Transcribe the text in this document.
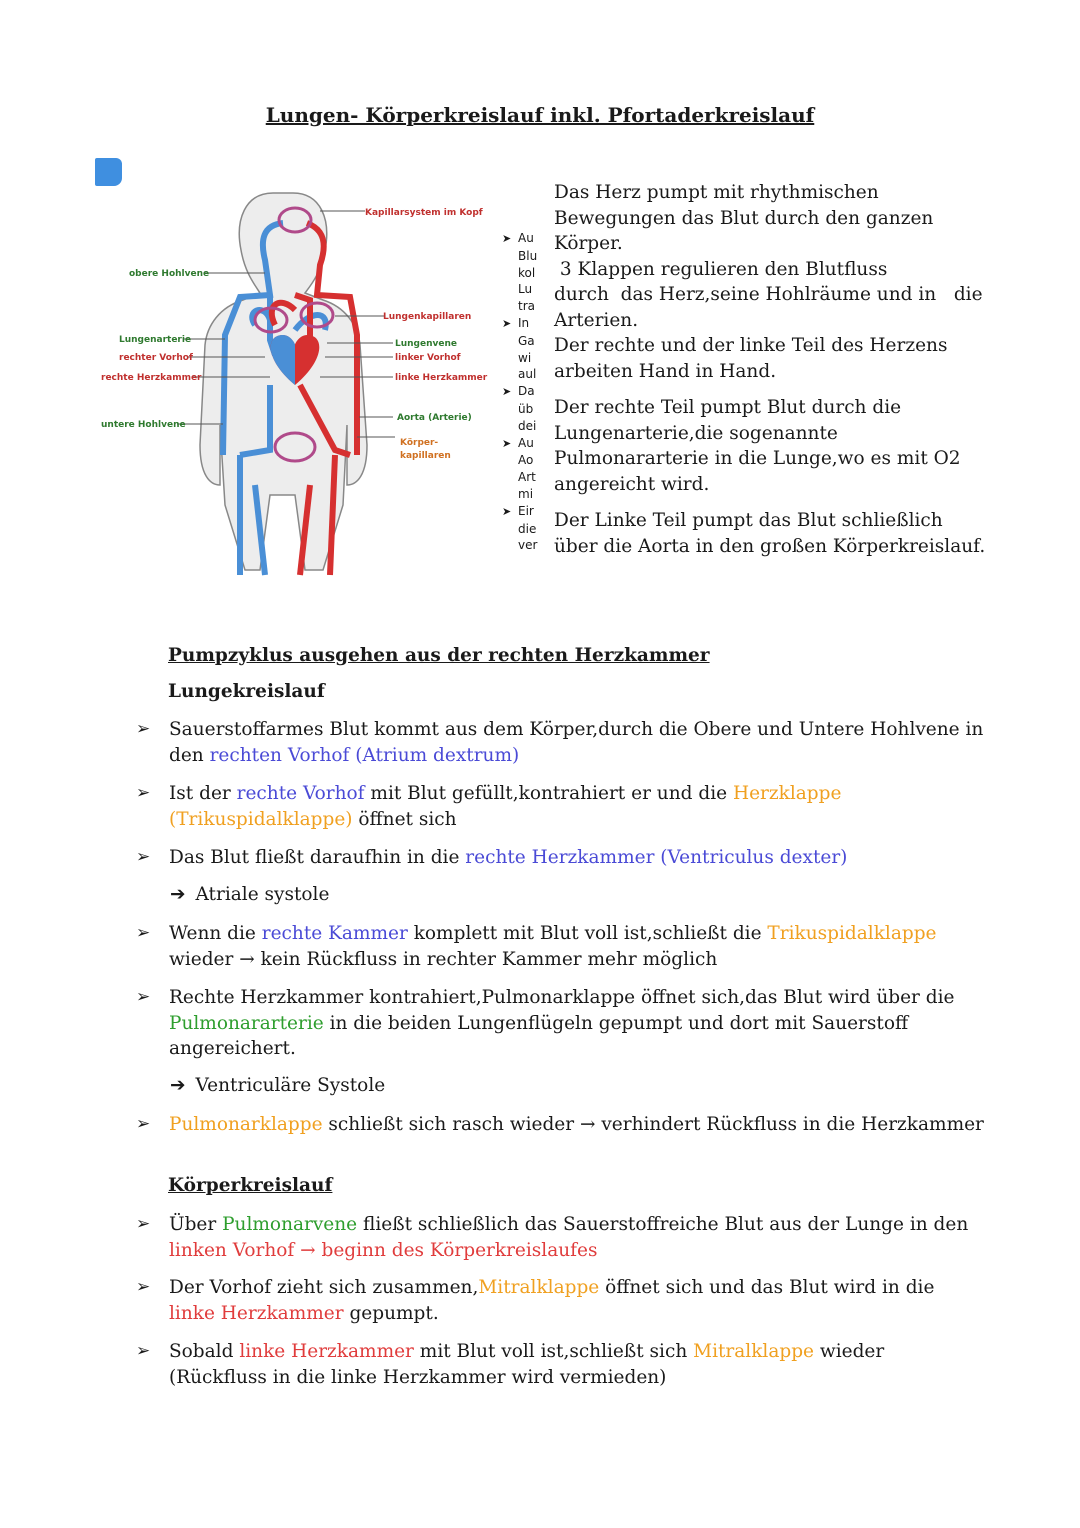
Lungen- Körperkreislauf inkl. Pfortaderkreislauf
Kapillarsystem im Kopf
obere Hohlvene
Lungenkapillaren
Lungenarterie	Lungenvene
rechter Vorhof	linker Vorhof
rechte Herzkammer	linke Herzkammer
Aorta (Arterie)
untere Hohlvene
Körper-
kapillaren
➤ Au
Blu
kol
Lu
tra
➤ In
Ga
wi
aul
➤ Da
üb
dei
➤ Au
Ao
Art
mi
➤ Eir
die
ver

Das Herz pumpt mit rhythmischen

Bewegungen das Blut durch den ganzen

Körper.

3 Klappen regulieren den Blutfluss

durch  das Herz,seine Hohlräume und in   die

Arterien.

Der rechte und der linke Teil des Herzens

arbeiten Hand in Hand.

Der rechte Teil pumpt Blut durch die

Lungenarterie,die sogenannte

Pulmonararterie in die Lunge,wo es mit O2

angereicht wird.

Der Linke Teil pumpt das Blut schließlich

über die Aorta in den großen Körperkreislauf.

Pumpzyklus ausgehen aus der rechten Herzkammer
Lungekreislauf
➢ Sauerstoffarmes Blut kommt aus dem Körper,durch die Obere und Untere Hohlvene in den rechten Vorhof (Atrium dextrum)
➢ Ist der rechte Vorhof mit Blut gefüllt,kontrahiert er und die Herzklappe (Trikuspidalklappe) öffnet sich
➢ Das Blut fließt daraufhin in die rechte Herzkammer (Ventriculus dexter)
➔ Atriale systole
➢ Wenn die rechte Kammer komplett mit Blut voll ist,schließt die Trikuspidalklappe wieder → kein Rückfluss in rechter Kammer mehr möglich
➢ Rechte Herzkammer kontrahiert,Pulmonarklappe öffnet sich,das Blut wird über die Pulmonararterie in die beiden Lungenflügeln gepumpt und dort mit Sauerstoff angereichert.
➔ Ventriculäre Systole
➢ Pulmonarklappe schließt sich rasch wieder → verhindert Rückfluss in die Herzkammer
Körperkreislauf
➢ Über Pulmonarvene fließt schließlich das Sauerstoffreiche Blut aus der Lunge in den linken Vorhof → beginn des Körperkreislaufes
➢ Der Vorhof zieht sich zusammen,Mitralklappe öffnet sich und das Blut wird in die linke Herzkammer gepumpt.
➢ Sobald linke Herzkammer mit Blut voll ist,schließt sich Mitralklappe wieder (Rückfluss in die linke Herzkammer wird vermieden)
